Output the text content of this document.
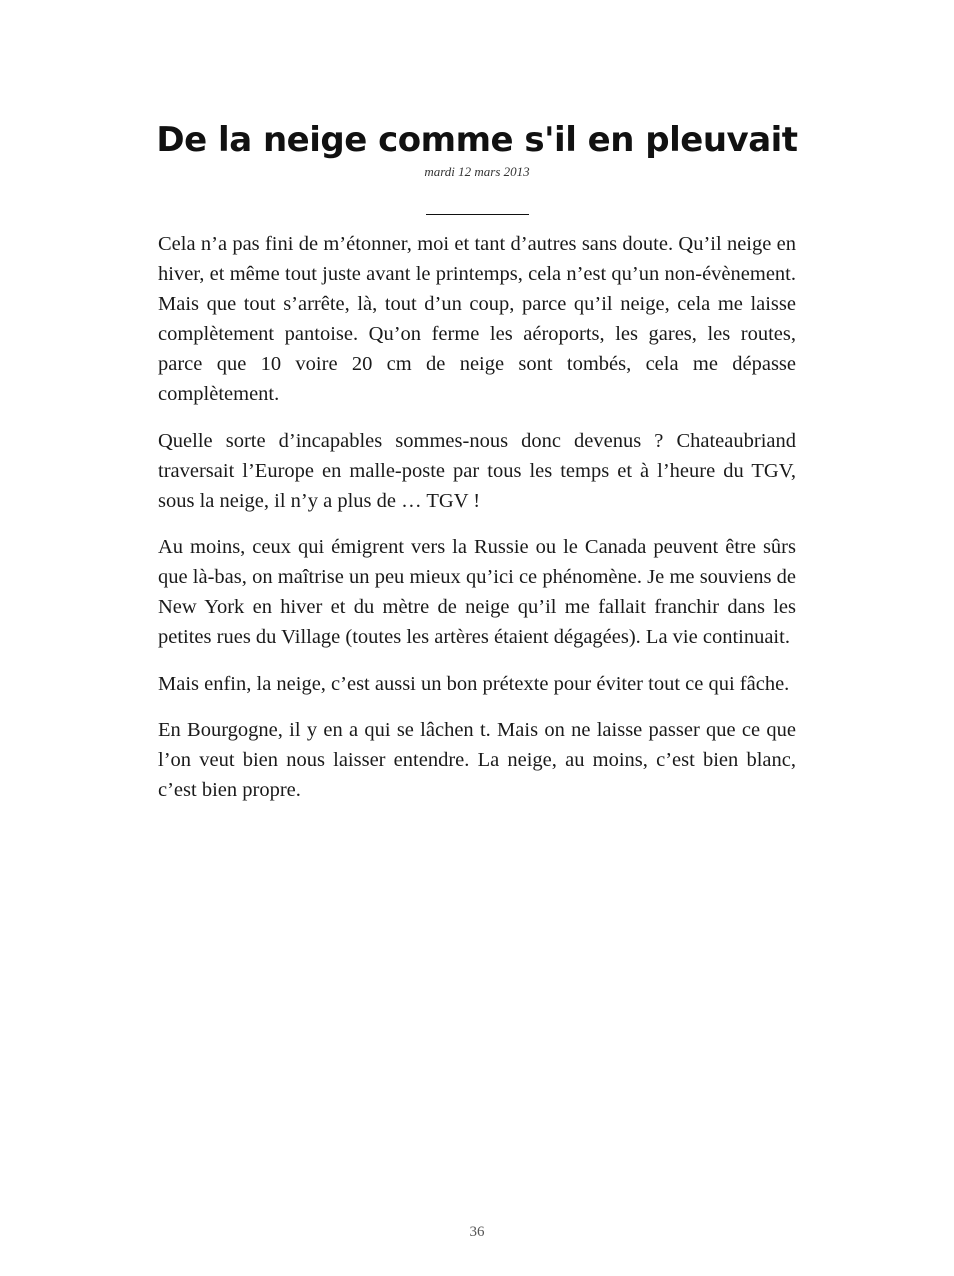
De la neige comme s'il en pleuvait
mardi 12 mars 2013

Cela n’a pas fini de m’étonner, moi et tant d’autres sans doute. Qu’il neige en hiver, et même tout juste avant le printemps, cela n’est qu’un non-évènement. Mais que tout s’arrête, là, tout d’un coup, parce qu’il neige, cela me laisse complètement pantoise. Qu’on ferme les aéroports, les gares, les routes, parce que 10 voire 20 cm de neige sont tombés, cela me dépasse complètement.

Quelle sorte d’incapables sommes-nous donc devenus ? Chateaubriand traversait l’Europe en malle-poste par tous les temps et à l’heure du TGV, sous la neige, il n’y a plus de … TGV !

Au moins, ceux qui émigrent vers la Russie ou le Canada peuvent être sûrs que là-bas, on maîtrise un peu mieux qu’ici ce phénomène. Je me souviens de New York en hiver et du mètre de neige qu’il me fallait franchir dans les petites rues du Village (toutes les artères étaient dégagées). La vie continuait.

Mais enfin, la neige, c’est aussi un bon prétexte pour éviter tout ce qui fâche.

En Bourgogne, il y en a qui se lâchen t. Mais on ne laisse passer que ce que l’on veut bien nous laisser entendre. La neige, au moins, c’est bien blanc, c’est bien propre.

36
